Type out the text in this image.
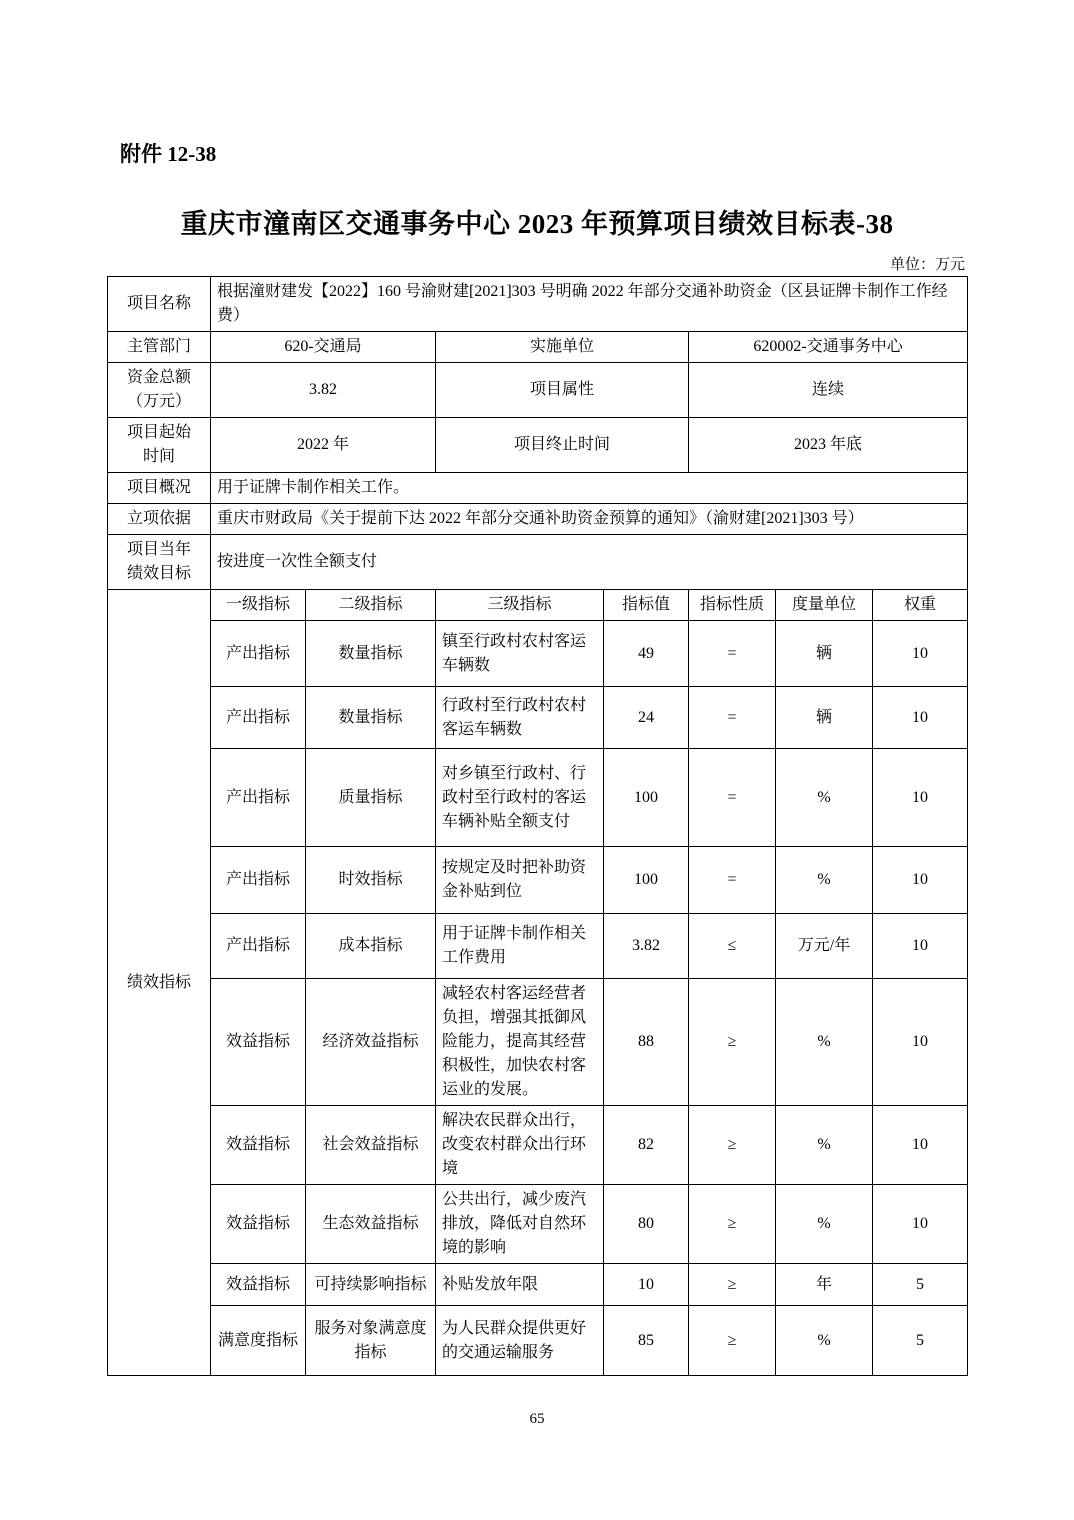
附件 12-38
重庆市潼南区交通事务中心 2023 年预算项目绩效目标表-38
单位：万元
项目名称	根据潼财建发【2022】160 号渝财建[2021]303 号明确 2022 年部分交通补助资金（区县证牌卡制作工作经费）						
主管部门	620-交通局		实施单位		620002-交通事务中心		
资金总额
（万元）	3.82		项目属性		连续		
项目起始
时间	2022 年		项目终止时间		2023 年底		
项目概况	用于证牌卡制作相关工作。						
立项依据	重庆市财政局《关于提前下达 2022 年部分交通补助资金预算的通知》（渝财建[2021]303 号）						
项目当年
绩效目标	按进度一次性全额支付						
绩效指标	一级指标	二级指标	三级指标	指标值	指标性质	度量单位	权重
	产出指标	数量指标	镇至行政村农村客运车辆数	49	=	辆	10
	产出指标	数量指标	行政村至行政村农村客运车辆数	24	=	辆	10
	产出指标	质量指标	对乡镇至行政村、行政村至行政村的客运车辆补贴全额支付	100	=	%	10
	产出指标	时效指标	按规定及时把补助资金补贴到位	100	=	%	10
	产出指标	成本指标	用于证牌卡制作相关工作费用	3.82	≤	万元/年	10
	效益指标	经济效益指标	减轻农村客运经营者负担，增强其抵御风险能力，提高其经营积极性，加快农村客运业的发展。	88	≥	%	10
	效益指标	社会效益指标	解决农民群众出行，改变农村群众出行环境	82	≥	%	10
	效益指标	生态效益指标	公共出行，减少废汽排放，降低对自然环境的影响	80	≥	%	10
	效益指标	可持续影响指标	补贴发放年限	10	≥	年	5
	满意度指标	服务对象满意度指标	为人民群众提供更好的交通运输服务	85	≥	%	5
65
